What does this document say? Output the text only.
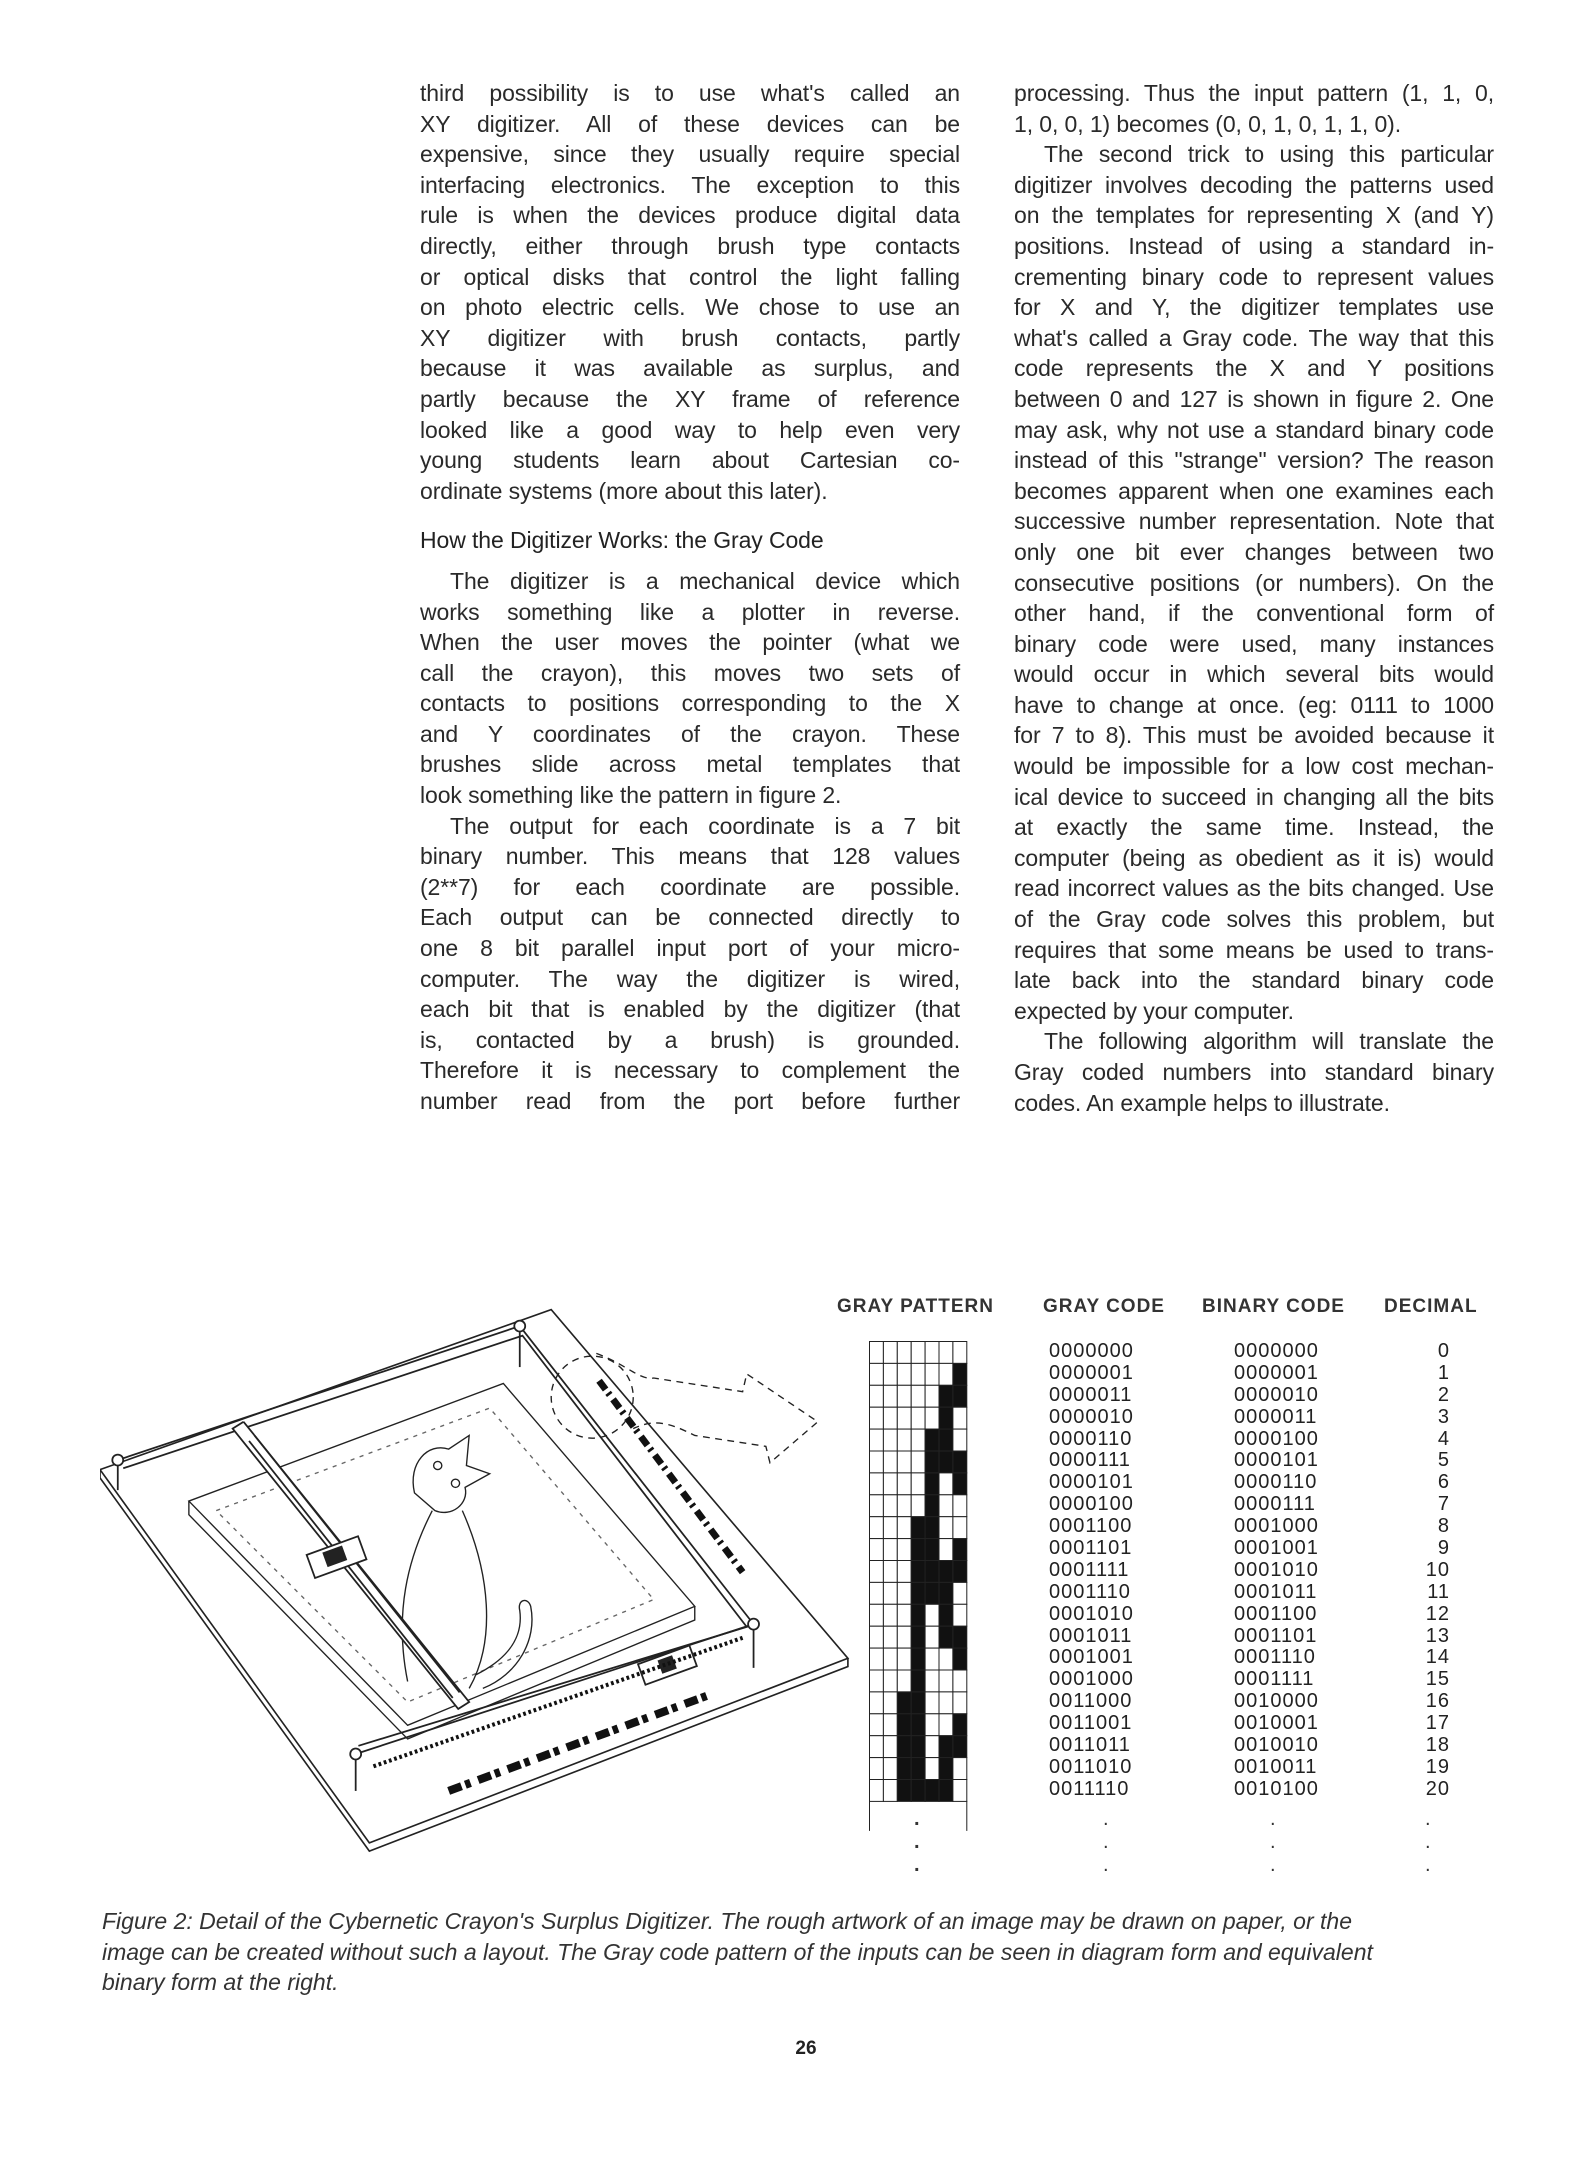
third possibility is to use what's called an
XY digitizer. All of these devices can be
expensive, since they usually require special
interfacing electronics. The exception to this
rule is when the devices produce digital data
directly, either through brush type contacts
or optical disks that control the light falling
on photo electric cells. We chose to use an
XY digitizer with brush contacts, partly
because it was available as surplus, and
partly because the XY frame of reference
looked like a good way to help even very
young students learn about Cartesian co-
ordinate systems (more about this later).
How the Digitizer Works: the Gray Code
The digitizer is a mechanical device which
works something like a plotter in reverse.
When the user moves the pointer (what we
call the crayon), this moves two sets of
contacts to positions corresponding to the X
and Y coordinates of the crayon. These
brushes slide across metal templates that
look something like the pattern in figure 2.
The output for each coordinate is a 7 bit
binary number. This means that 128 values
(2**7) for each coordinate are possible.
Each output can be connected directly to
one 8 bit parallel input port of your micro-
computer. The way the digitizer is wired,
each bit that is enabled by the digitizer (that
is, contacted by a brush) is grounded.
Therefore it is necessary to complement the
number read from the port before further
processing. Thus the input pattern (1, 1, 0,
1, 0, 0, 1) becomes (0, 0, 1, 0, 1, 1, 0).
The second trick to using this particular
digitizer involves decoding the patterns used
on the templates for representing X (and Y)
positions. Instead of using a standard in-
crementing binary code to represent values
for X and Y, the digitizer templates use
what's called a Gray code. The way that this
code represents the X and Y positions
between 0 and 127 is shown in figure 2. One
may ask, why not use a standard binary code
instead of this "strange" version? The reason
becomes apparent when one examines each
successive number representation. Note that
only one bit ever changes between two
consecutive positions (or numbers). On the
other hand, if the conventional form of
binary code were used, many instances
would occur in which several bits would
have to change at once. (eg: 0111 to 1000
for 7 to 8). This must be avoided because it
would be impossible for a low cost mechan-
ical device to succeed in changing all the bits
at exactly the same time. Instead, the
computer (being as obedient as it is) would
read incorrect values as the bits changed. Use
of the Gray code solves this problem, but
requires that some means be used to trans-
late back into the standard binary code
expected by your computer.
The following algorithm will translate the
Gray coded numbers into standard binary
codes. An example helps to illustrate.
GRAY PATTERN	GRAY CODE BINARY CODE DECIMAL
.
.
.
0000000
0000001
0000011
0000010
0000110
0000111
0000101
0000100
0001100
0001101
0001111
0001110
0001010
0001011
0001001
0001000
0011000
0011001
0011011
0011010
0011110
0000000
0000001
0000010
0000011
0000100
0000101
0000110
0000111
0001000
0001001
0001010
0001011
0001100
0001101
0001110
0001111
0010000
0010001
0010010
0010011
0010100
0
1
2
3
4
5
6
7
8
9
10
11
12
13
14
15
16
17
18
19
20
.
.
.
.
.
.
.
.
.
Figure 2: Detail of the Cybernetic Crayon's Surplus Digitizer. The rough artwork of an image may be drawn on paper, or the
image can be created without such a layout. The Gray code pattern of the inputs can be seen in diagram form and equivalent
binary form at the right.
26
